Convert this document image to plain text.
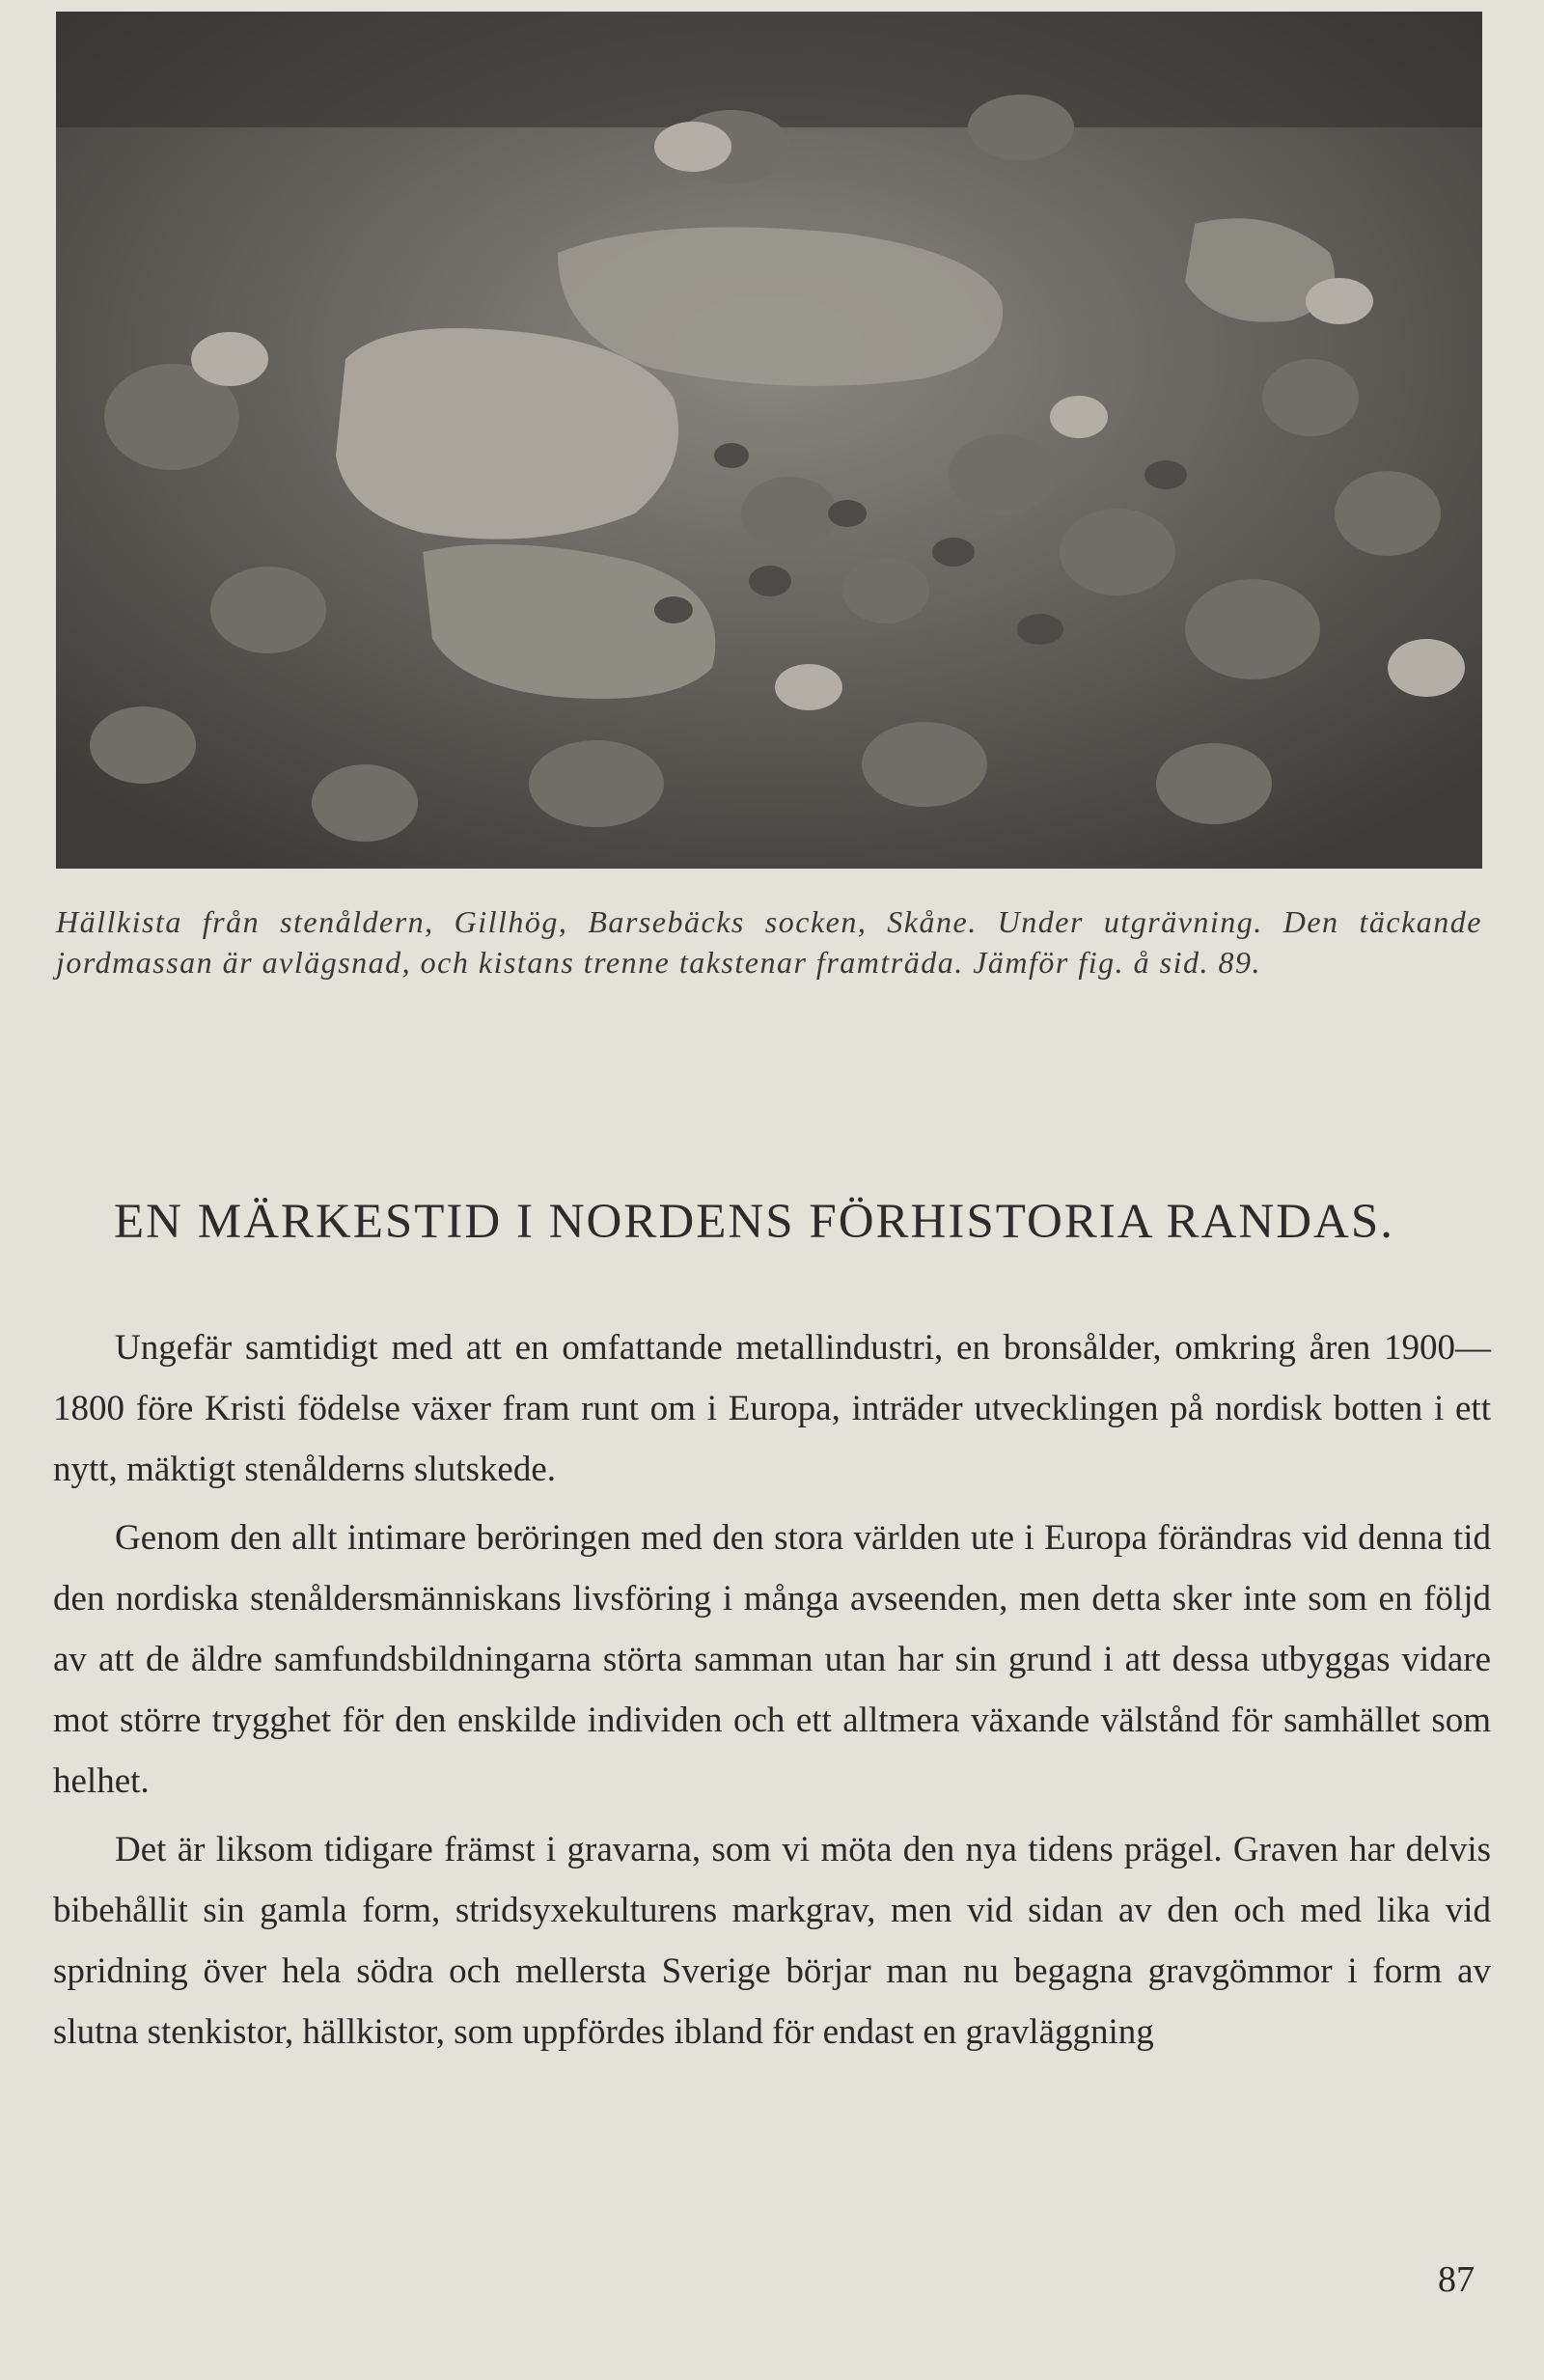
Hällkista från stenåldern, Gillhög, Barsebäcks socken, Skåne. Under utgrävning. Den täckande jordmassan är avlägsnad, och kistans trenne takstenar framträda. Jämför fig. å sid. 89.
EN MÄRKESTID I NORDENS FÖRHISTORIA RANDAS.

Ungefär samtidigt med att en omfattande metallindustri, en bronsålder, omkring åren 1900—1800 före Kristi födelse växer fram runt om i Europa, inträder utvecklingen på nordisk botten i ett nytt, mäktigt stenålderns slutskede.

Genom den allt intimare beröringen med den stora världen ute i Europa förändras vid denna tid den nordiska stenåldersmänniskans livsföring i många avseenden, men detta sker inte som en följd av att de äldre samfundsbildningarna störta samman utan har sin grund i att dessa utbyggas vidare mot större trygghet för den enskilde individen och ett alltmera växande välstånd för samhället som helhet.

Det är liksom tidigare främst i gravarna, som vi möta den nya tidens prägel. Graven har delvis bibehållit sin gamla form, stridsyxekulturens markgrav, men vid sidan av den och med lika vid spridning över hela södra och mellersta Sverige börjar man nu begagna gravgömmor i form av slutna stenkistor, hällkistor, som uppfördes ibland för endast en gravläggning

87
